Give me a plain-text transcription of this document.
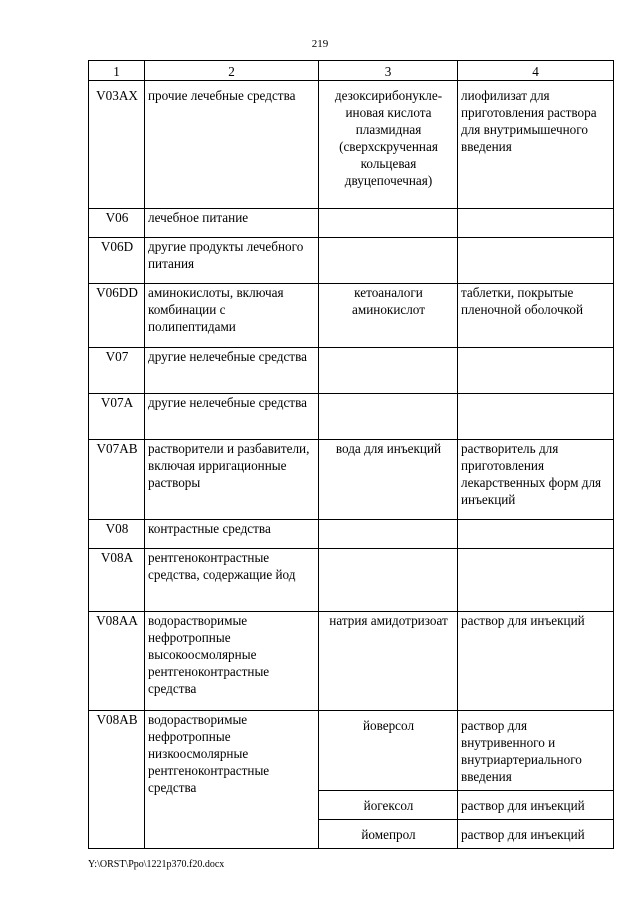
219
1	2	3	4
V03AX	прочие лечебные средства	дезоксирибонукле-иновая кислота плазмидная (сверхскрученная кольцевая двуцепочечная)	лиофилизат для приготовления раствора для внутримышечного введения
V06	лечебное питание		
V06D	другие продукты лечебного питания		
V06DD	аминокислоты, включая комбинации с полипептидами	кетоаналоги аминокислот	таблетки, покрытые пленочной оболочкой
V07	другие нелечебные средства		
V07A	другие нелечебные средства		
V07AB	растворители и разбавители, включая ирригационные растворы	вода для инъекций	растворитель для приготовления лекарственных форм для инъекций
V08	контрастные средства		
V08A	рентгеноконтрастные средства, содержащие йод		
V08AA	водорастворимые нефротропные высокоосмолярные рентгеноконтрастные средства	натрия амидотризоат	раствор для инъекций
V08AB	водорастворимые нефротропные низкоосмолярные рентгеноконтрастные средства	йоверсол	раствор для внутривенного и внутриартериального введения
		йогексол	раствор для инъекций
		йомепрол	раствор для инъекций
Y:\ORST\Ppo\1221p370.f20.docx
